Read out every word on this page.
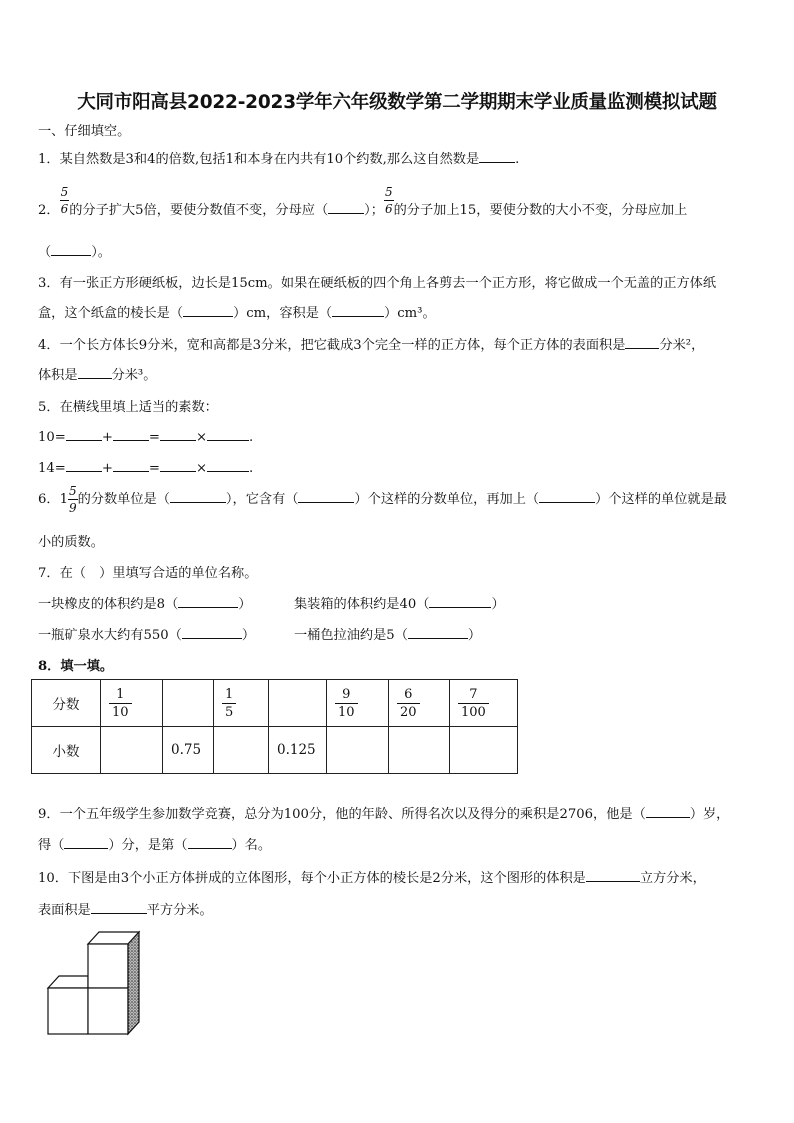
大同市阳高县2022-2023学年六年级数学第二学期期末学业质量监测模拟试题
一、仔细填空。
1．某自然数是3和4的倍数,包括1和本身在内共有10个约数,那么这自然数是	.
2． $\frac{5}{6}$ 的分子扩大5倍，要使分数值不变，分母应（	）； $\frac{5}{6}$ 的分子加上15，要使分数的大小不变，分母应加上
（	）。
3．有一张正方形硬纸板，边长是15cm。如果在硬纸板的四个角上各剪去一个正方形，将它做成一个无盖的正方体纸
盒，这个纸盒的棱长是（	）cm，容积是（	）cm³。
4．一个长方体长9分米，宽和高都是3分米，把它截成3个完全一样的正方体，每个正方体的表面积是	分米²，
体积是	分米³。
5．在横线里填上适当的素数：
10=	+	=	×	.
14=	+	=	×	.
6．$1 \frac{5}{9}$ 的分数单位是（	），它含有（	）个这样的分数单位，再加上（	）个这样的单位就是最
小的质数。
7．在（　）里填写合适的单位名称。
一块橡皮的体积约是8（	）	集装箱的体积约是40（	）
一瓶矿泉水大约有550（	）	一桶色拉油约是5（	）
8．填一填。
分数	$\frac{1}{10}$		$\frac{1}{5}$		$\frac{9}{10}$	$\frac{6}{20}$	$\frac{7}{100}$

小数		0.75		0.125			

9．一个五年级学生参加数学竞赛，总分为100分，他的年龄、所得名次以及得分的乘积是2706，他是（	）岁，
得（	）分，是第（	）名。
10．下图是由3个小正方体拼成的立体图形，每个小正方体的棱长是2分米，这个图形的体积是	立方分米，
表面积是	平方分米。
